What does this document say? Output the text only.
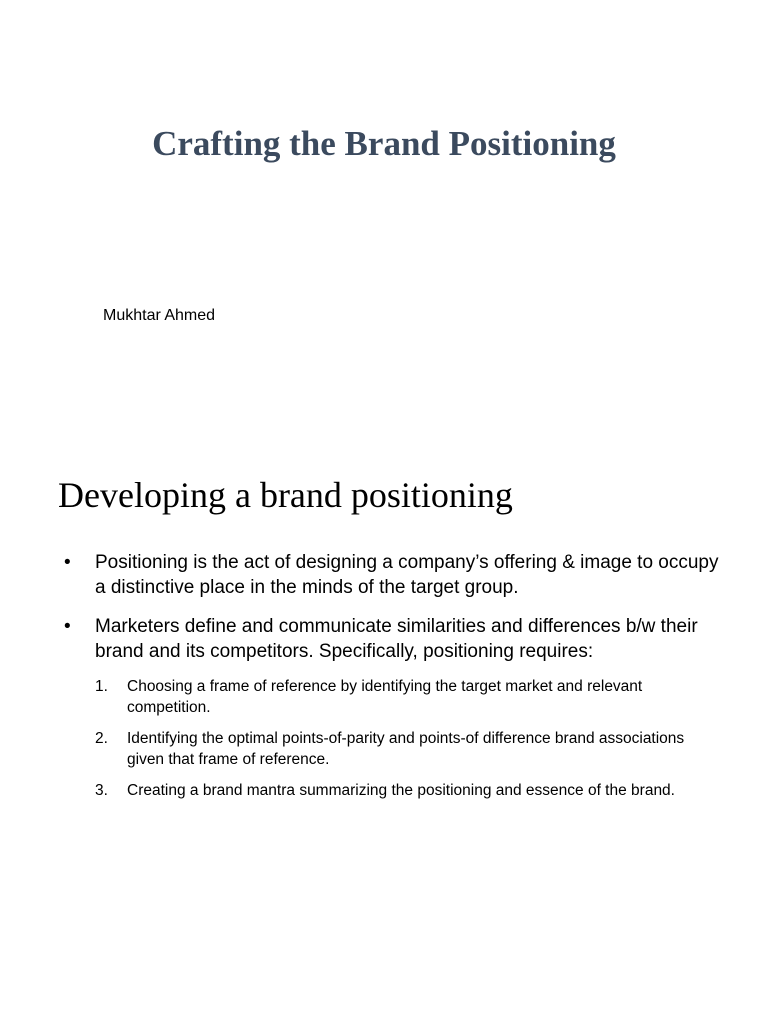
Crafting the Brand Positioning

Mukhtar Ahmed

Developing a brand positioning
• Positioning is the act of designing a company’s offering & image to occupy a distinctive place in the minds of the target group.
• Marketers define and communicate similarities and differences b/w their brand and its competitors. Specifically, positioning requires:
1. Choosing a frame of reference by identifying the target market and relevant competition.
2. Identifying the optimal points-of-parity and points-of difference brand associations given that frame of reference.
3. Creating a brand mantra summarizing the positioning and essence of the brand.
